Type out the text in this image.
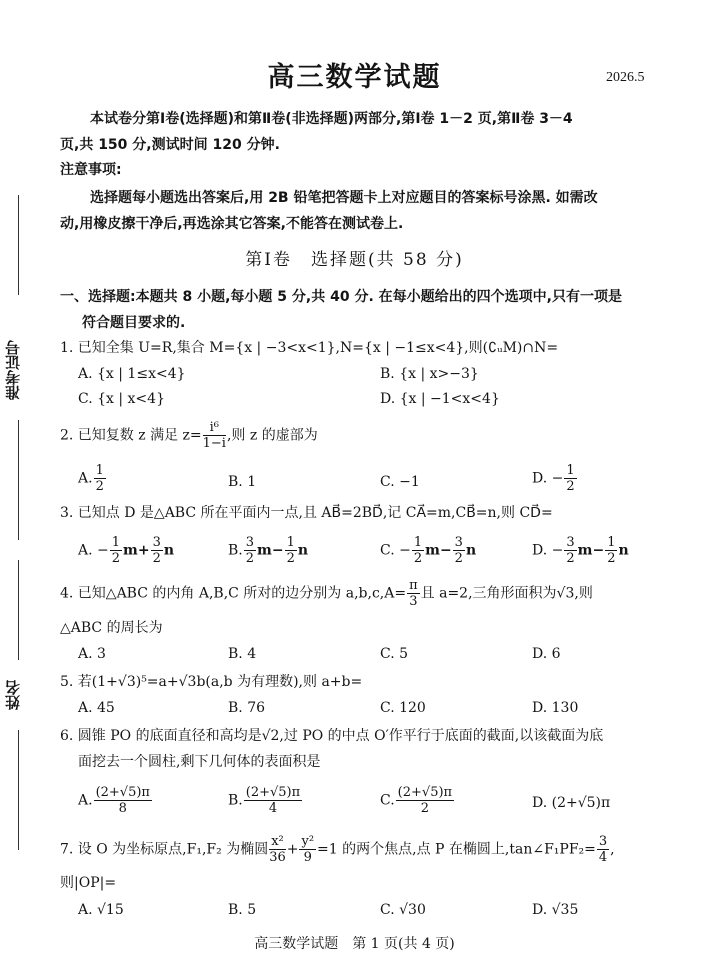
高三数学试题	2026.5
准考证号
姓名
本试卷分第Ⅰ卷(选择题)和第Ⅱ卷(非选择题)两部分,第Ⅰ卷 1－2 页,第Ⅱ卷 3－4
页,共 150 分,测试时间 120 分钟.
注意事项:
选择题每小题选出答案后,用 2B 铅笔把答题卡上对应题目的答案标号涂黑. 如需改
动,用橡皮擦干净后,再选涂其它答案,不能答在测试卷上.
第Ⅰ卷　选择题(共 58 分)
一、选择题:本题共 8 小题,每小题 5 分,共 40 分. 在每小题给出的四个选项中,只有一项是
符合题目要求的.
1. 已知全集 U=R,集合 M={x | −3<x<1},N={x | −1≤x<4},则(∁ᵤM)∩N=
A. {x | 1≤x<4}	B. {x | x>−3}
C. {x | x<4}	D. {x | −1<x<4}
2. 已知复数 z 满足 $z= \frac{\text{i⁶}}{1-i}$ ,则 z 的虚部为
A. $\frac{1}{2}$	B. 1	C. −1	D. − $\frac{1}{2}$
3. 已知点 D 是△ABC 所在平面内一点,且 AB⃗=2BD⃗,记 CA⃗=m,CB⃗=n,则 CD⃗=
A. − $\frac{1}{2} m+ \frac{3}{2}$ n	B. $\frac{3}{2} m- \frac{1}{2}$ n	C. − $\frac{1}{2} m- \frac{3}{2}$ n	D. − $\frac{3}{2} m- \frac{1}{2}$ n
4. 已知△ABC 的内角 A,B,C 所对的边分别为 $a,b,c,A= \frac{\pi}{3}$ 且 a=2,三角形面积为√3,则
△ABC 的周长为
A. 3	B. 4	C. 5	D. 6
5. 若(1+√3)⁵=a+√3b(a,b 为有理数),则 a+b=
A. 45	B. 76	C. 120	D. 130
6. 圆锥 PO 的底面直径和高均是√2,过 PO 的中点 O′作平行于底面的截面,以该截面为底
面挖去一个圆柱,剩下几何体的表面积是
A. $\frac{(2+√5)\pi}{8}$	B. $\frac{(2+√5)\pi}{4}$	C. $\frac{(2+√5)\pi}{2}$	D. (2+√5)π
7. 设 O 为坐标原点,F₁,F₂ 为椭圆 $\frac{\text{x²}}{36} + \frac{\text{y²}}{9} =1$ 的两个焦点,点 P 在椭圆上,tan∠F₁PF₂= $\frac{3}{4}$ ,
则|OP|=
A. √15	B. 5	C. √30	D. √35
高三数学试题　第 1 页(共 4 页)
